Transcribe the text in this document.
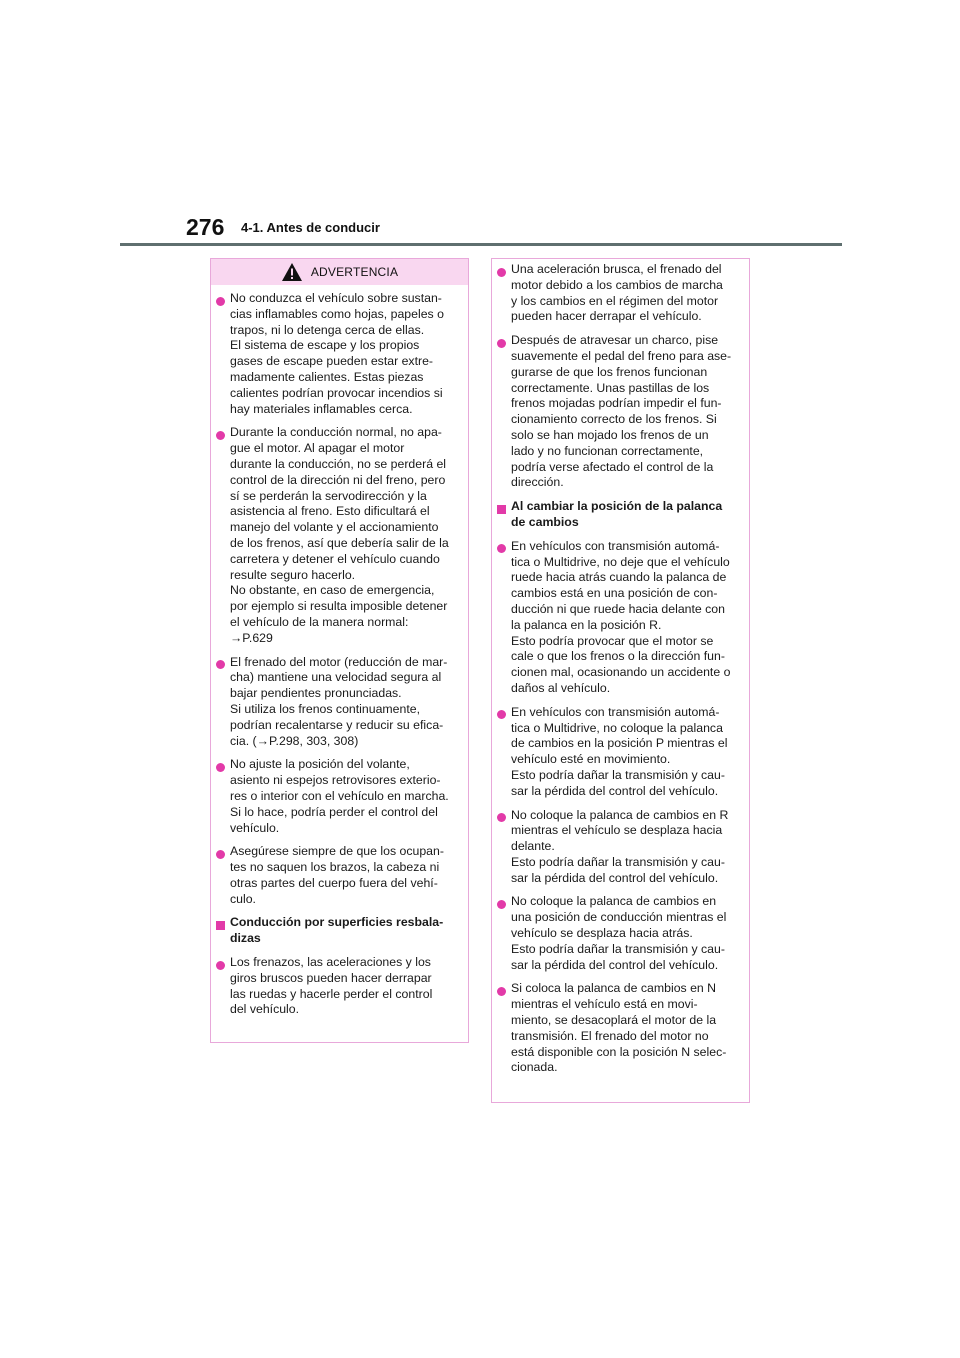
276 4-1. Antes de conducir
ADVERTENCIA
No conduzca el vehículo sobre sustan-
cias inflamables como hojas, papeles o
trapos, ni lo detenga cerca de ellas.
El sistema de escape y los propios
gases de escape pueden estar extre-
madamente calientes. Estas piezas
calientes podrían provocar incendios si
hay materiales inflamables cerca.
Durante la conducción normal, no apa-
gue el motor. Al apagar el motor
durante la conducción, no se perderá el
control de la dirección ni del freno, pero
sí se perderán la servodirección y la
asistencia al freno. Esto dificultará el
manejo del volante y el accionamiento
de los frenos, así que debería salir de la
carretera y detener el vehículo cuando
resulte seguro hacerlo.
No obstante, en caso de emergencia,
por ejemplo si resulta imposible detener
el vehículo de la manera normal:
→P.629
El frenado del motor (reducción de mar-
cha) mantiene una velocidad segura al
bajar pendientes pronunciadas.
Si utiliza los frenos continuamente,
podrían recalentarse y reducir su efica-
cia. (→P.298, 303, 308)
No ajuste la posición del volante,
asiento ni espejos retrovisores exterio-
res o interior con el vehículo en marcha.
Si lo hace, podría perder el control del
vehículo.
Asegúrese siempre de que los ocupan-
tes no saquen los brazos, la cabeza ni
otras partes del cuerpo fuera del vehí-
culo.
Conducción por superficies resbala-
dizas
Los frenazos, las aceleraciones y los
giros bruscos pueden hacer derrapar
las ruedas y hacerle perder el control
del vehículo.
Una aceleración brusca, el frenado del
motor debido a los cambios de marcha
y los cambios en el régimen del motor
pueden hacer derrapar el vehículo.
Después de atravesar un charco, pise
suavemente el pedal del freno para ase-
gurarse de que los frenos funcionan
correctamente. Unas pastillas de los
frenos mojadas podrían impedir el fun-
cionamiento correcto de los frenos. Si
solo se han mojado los frenos de un
lado y no funcionan correctamente,
podría verse afectado el control de la
dirección.
Al cambiar la posición de la palanca
de cambios
En vehículos con transmisión automá-
tica o Multidrive, no deje que el vehículo
ruede hacia atrás cuando la palanca de
cambios está en una posición de con-
ducción ni que ruede hacia delante con
la palanca en la posición R.
Esto podría provocar que el motor se
cale o que los frenos o la dirección fun-
cionen mal, ocasionando un accidente o
daños al vehículo.
En vehículos con transmisión automá-
tica o Multidrive, no coloque la palanca
de cambios en la posición P mientras el
vehículo esté en movimiento.
Esto podría dañar la transmisión y cau-
sar la pérdida del control del vehículo.
No coloque la palanca de cambios en R
mientras el vehículo se desplaza hacia
delante.
Esto podría dañar la transmisión y cau-
sar la pérdida del control del vehículo.
No coloque la palanca de cambios en
una posición de conducción mientras el
vehículo se desplaza hacia atrás.
Esto podría dañar la transmisión y cau-
sar la pérdida del control del vehículo.
Si coloca la palanca de cambios en N
mientras el vehículo está en movi-
miento, se desacoplará el motor de la
transmisión. El frenado del motor no
está disponible con la posición N selec-
cionada.
